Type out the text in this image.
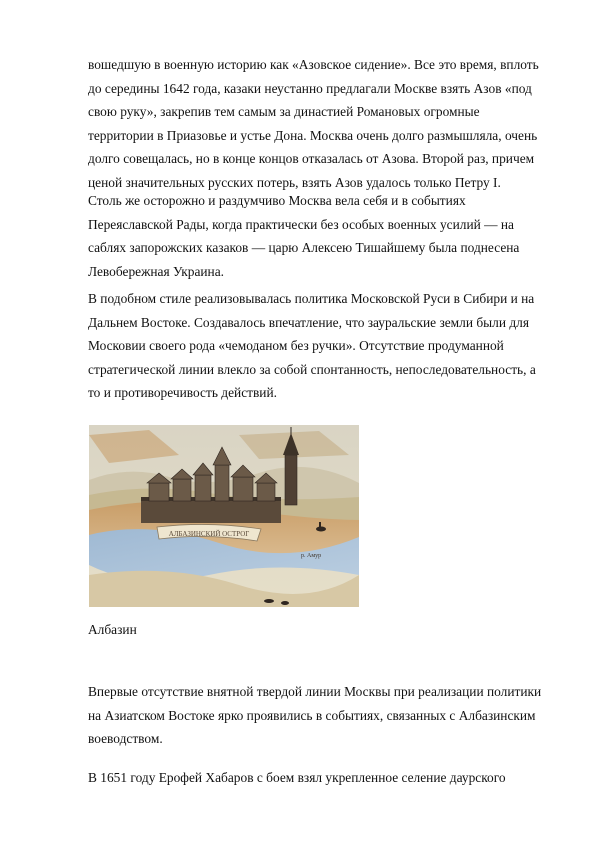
вошедшую в военную историю как «Азовское сидение». Все это время, вплоть
до середины 1642 года, казаки неустанно предлагали Москве взять Азов «под
свою руку», закрепив тем самым за династией Романовых огромные
территории в Приазовье и устье Дона. Москва очень долго размышляла, очень
долго совещалась, но в конце концов отказалась от Азова. Второй раз, причем
ценой значительных русских потерь, взять Азов удалось только Петру I.
Столь же осторожно и раздумчиво Москва вела себя и в событиях
Переяславской Рады, когда практически без особых военных усилий — на
саблях запорожских казаков — царю Алексею Тишайшему была поднесена
Левобережная Украина.
В подобном стиле реализовывалась политика Московской Руси в Сибири и на
Дальнем Востоке. Создавалось впечатление, что зауральские земли были для
Московии своего рода «чемоданом без ручки». Отсутствие продуманной
стратегической линии влекло за собой спонтанность, непоследовательность, а
то и противоречивость действий.
АЛБАЗИНСКИЙ ОСТРОГ
р. Амур
Албазин
Впервые отсутствие внятной твердой линии Москвы при реализации политики
на Азиатском Востоке ярко проявились в событиях, связанных с Албазинским
воеводством.
В 1651 году Ерофей Хабаров с боем взял укрепленное селение даурского
